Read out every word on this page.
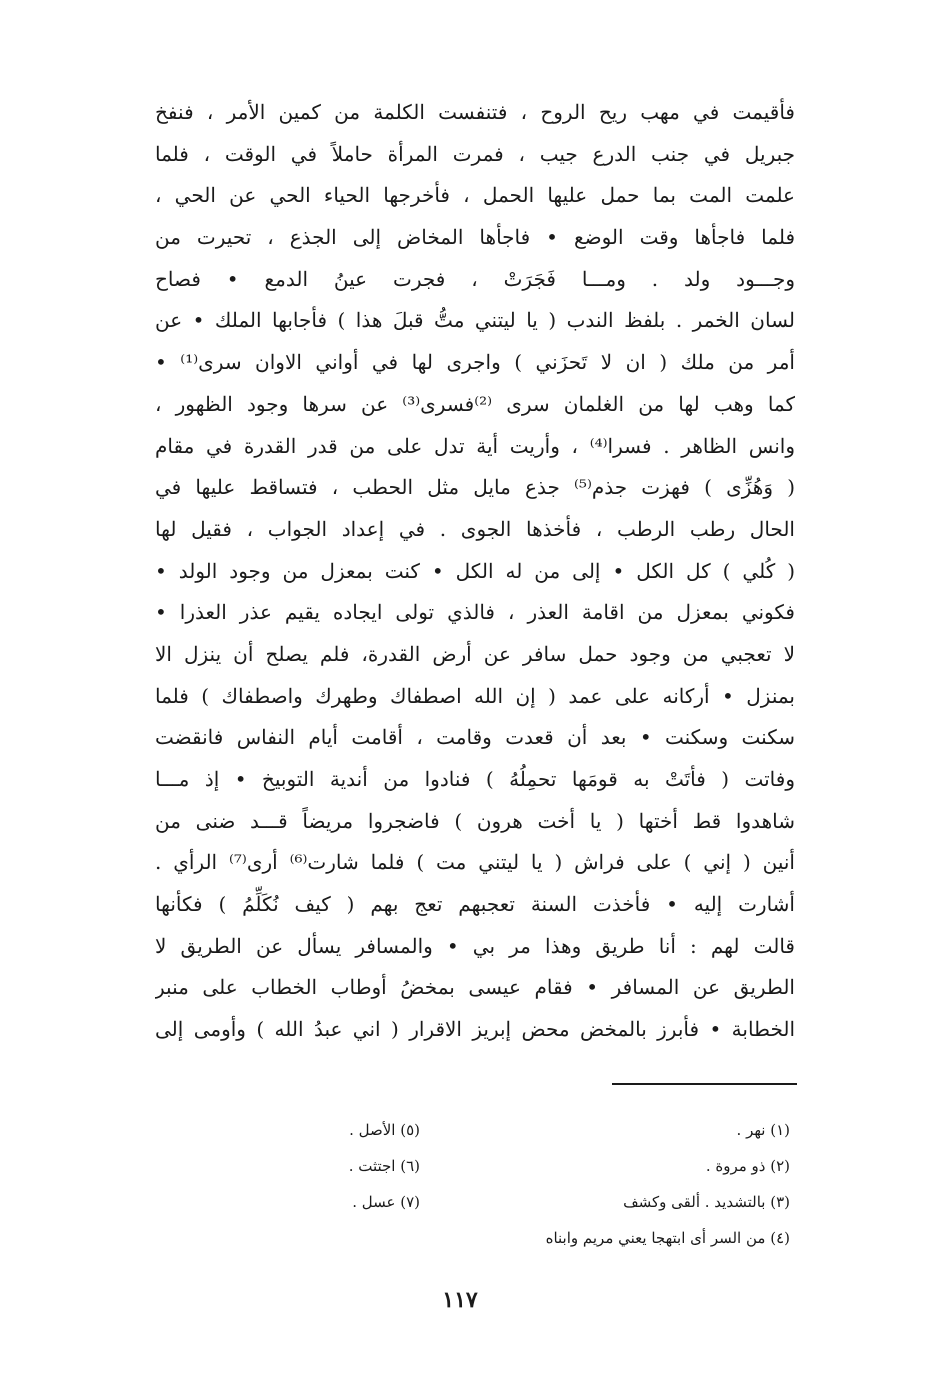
فأقيمت في مهب ريح الروح ، فتنفست الكلمة من كمين الأمر ، فنفخ
جبريل في جنب الدرع جيب ، فمرت المرأة حاملاً في الوقت ، فلما
علمت المت بما حمل عليها الحمل ، فأخرجها الحياء الحي عن الحي ،
فلما فاجأها وقت الوضع • فاجأها المخاض إلى الجذع ، تحيرت من
وجـــود ولد . ومـــا فَجَرَتْ ، فجرت عينُ الدمع • فصاح
لسان الخمر . بلفظ الندب ( يا ليتني متُّ قبلَ هذا ) فأجابها الملك • عن
أمر من ملك ( ان لا تَحزَني ) واجرى لها في أواني الاوان سرى⁽¹⁾ •
كما وهب لها من الغلمان سرى ⁽²⁾فسرى⁽³⁾ عن سرها وجود الظهور ،
وانس الظاهر . فسرا⁽⁴⁾ ، وأريت أية تدل على من قدر القدرة في مقام
( وَهُزِّى ) فهزت جذم⁽⁵⁾ جذع مايل مثل الحطب ، فتساقط عليها في
الحال رطب الرطب ، فأخذها الجوى . في إعداد الجواب ، فقيل لها
( كُلي ) كل الكل • إلى من له الكل • كنت بمعزل من وجود الولد •
فكوني بمعزل من اقامة العذر ، فالذي تولى ايجاده يقيم عذر العذرا •
لا تعجبي من وجود حمل سافر عن أرض القدرة، فلم يصلح أن ينزل الا
بمنزل • أركانه على عمد ( إن الله اصطفاك وطهرك واصطفاك ) فلما
سكنت وسكنت • بعد أن قعدت وقامت ، أقامت أيام النفاس فانقضت
وفاتت ( فأتَتْ به قومَها تحمِلُهُ ) فنادوا من أندية التوبيخ • إذ مـــا
شاهدوا قط أختها ( يا أخت هرون ) فاضجروا مريضاً قـــد ضنى من
أنين ( إني ) على فراش ( يا ليتني مت ) فلما شارت⁽⁶⁾ أرى⁽⁷⁾ الرأي .
أشارت إليه • فأخذت السنة تعجبهم تعج بهم ( كيف نُكَلِّمُ ) فكأنها
قالت لهم : أنا طريق وهذا مر بي • والمسافر يسأل عن الطريق لا
الطريق عن المسافر • فقام عيسى بمخضُ أوطاب الخطاب على منبر
الخطابة • فأبرز بالمخض محض إبريز الاقرار ( اني عبدُ الله ) وأومى إلى
(١) نهر .
(٢) ذو مروة .
(٣) بالتشديد . ألقى وكشف
(٤) من السر أى ابتهجا يعني مريم وابناه
(٥) الأصل .
(٦) اجتثت .
(٧) عسل .
١١٧
